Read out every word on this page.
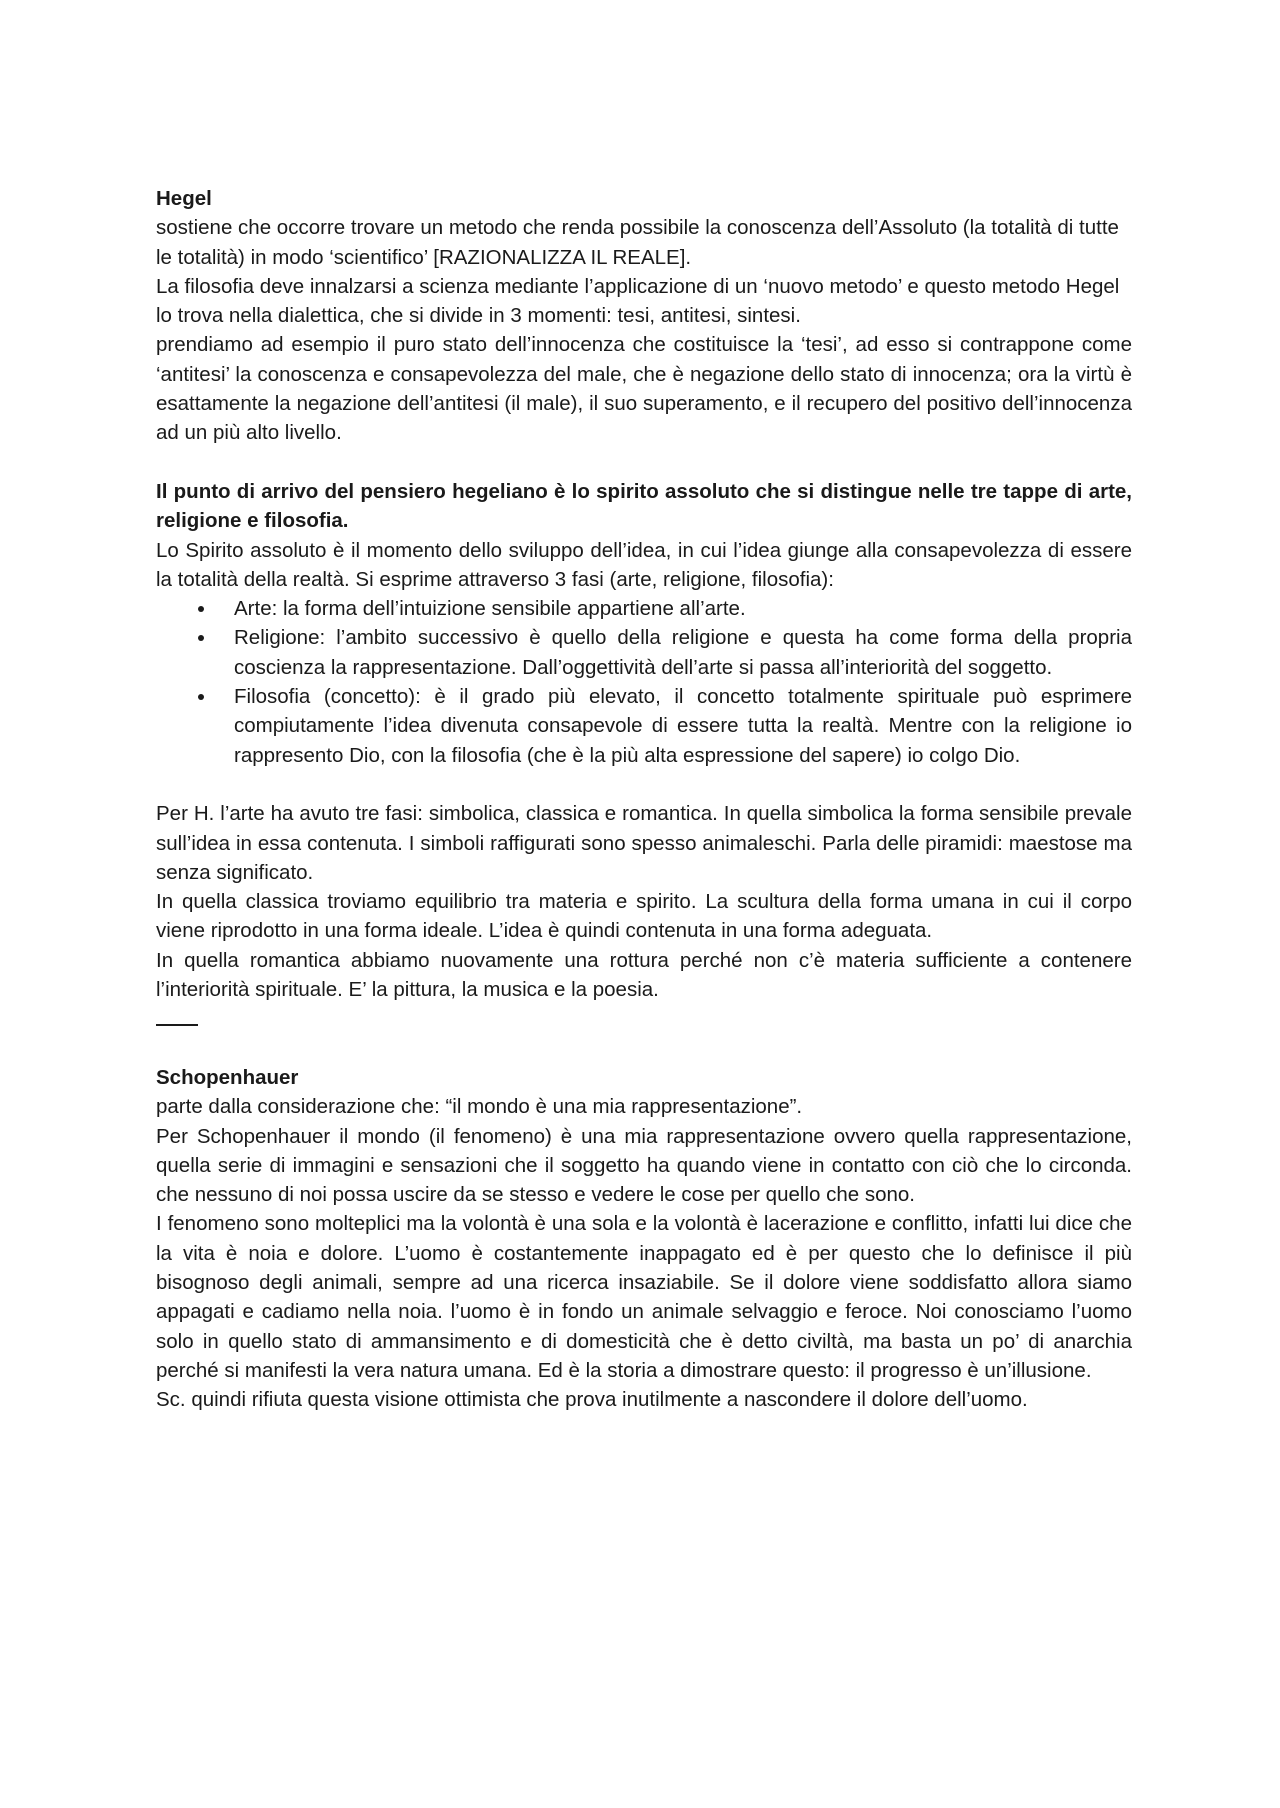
Hegel

sostiene che occorre trovare un metodo che renda possibile la conoscenza dell’Assoluto (la totalità di tutte le totalità) in modo ‘scientifico’ [RAZIONALIZZA IL REALE].

La filosofia deve innalzarsi a scienza mediante l’applicazione di un ‘nuovo metodo’ e questo metodo Hegel lo trova nella dialettica, che si divide in 3 momenti: tesi, antitesi, sintesi.

prendiamo ad esempio il puro stato dell’innocenza che costituisce la ‘tesi’, ad esso si contrappone come ‘antitesi’ la conoscenza e consapevolezza del male, che è negazione dello stato di innocenza; ora la virtù è esattamente la negazione dell’antitesi (il male), il suo superamento, e il recupero del positivo dell’innocenza ad un più alto livello.

Il punto di arrivo del pensiero hegeliano è lo spirito assoluto che si distingue nelle tre tappe di arte, religione e filosofia.

Lo Spirito assoluto è il momento dello sviluppo dell’idea, in cui l’idea giunge alla consapevolezza di essere la totalità della realtà. Si esprime attraverso 3 fasi (arte, religione, filosofia):

Arte: la forma dell’intuizione sensibile appartiene all’arte.
Religione: l’ambito successivo è quello della religione e questa ha come forma della propria coscienza la rappresentazione. Dall’oggettività dell’arte si passa all’interiorità del soggetto.
Filosofia (concetto): è il grado più elevato, il concetto totalmente spirituale può esprimere compiutamente l’idea divenuta consapevole di essere tutta la realtà. Mentre con la religione io rappresento Dio, con la filosofia (che è la più alta espressione del sapere) io colgo Dio.

Per H. l’arte ha avuto tre fasi: simbolica, classica e romantica. In quella simbolica la forma sensibile prevale sull’idea in essa contenuta. I simboli raffigurati sono spesso animaleschi. Parla delle piramidi: maestose ma senza significato.

In quella classica troviamo equilibrio tra materia e spirito. La scultura della forma umana in cui il corpo viene riprodotto in una forma ideale. L’idea è quindi contenuta in una forma adeguata.

In quella romantica abbiamo nuovamente una rottura perché non c’è materia sufficiente a contenere l’interiorità spirituale. E’ la pittura, la musica e la poesia.

Schopenhauer

parte dalla considerazione che: “il mondo è una mia rappresentazione”.

Per Schopenhauer il mondo (il fenomeno) è una mia rappresentazione ovvero quella rappresentazione, quella serie di immagini e sensazioni che il soggetto ha quando viene in contatto con ciò che lo circonda. che nessuno di noi possa uscire da se stesso e vedere le cose per quello che sono.

I fenomeno sono molteplici ma la volontà è una sola e la volontà è lacerazione e conflitto, infatti lui dice che la vita è noia e dolore. L’uomo è costantemente inappagato ed è per questo che lo definisce il più bisognoso degli animali, sempre ad una ricerca insaziabile. Se il dolore viene soddisfatto allora siamo appagati e cadiamo nella noia. l’uomo è in fondo un animale selvaggio e feroce. Noi conosciamo l’uomo solo in quello stato di ammansimento e di domesticità che è detto civiltà, ma basta un po’ di anarchia perché si manifesti la vera natura umana. Ed è la storia a dimostrare questo: il progresso è un’illusione.

Sc. quindi rifiuta questa visione ottimista che prova inutilmente a nascondere il dolore dell’uomo.
